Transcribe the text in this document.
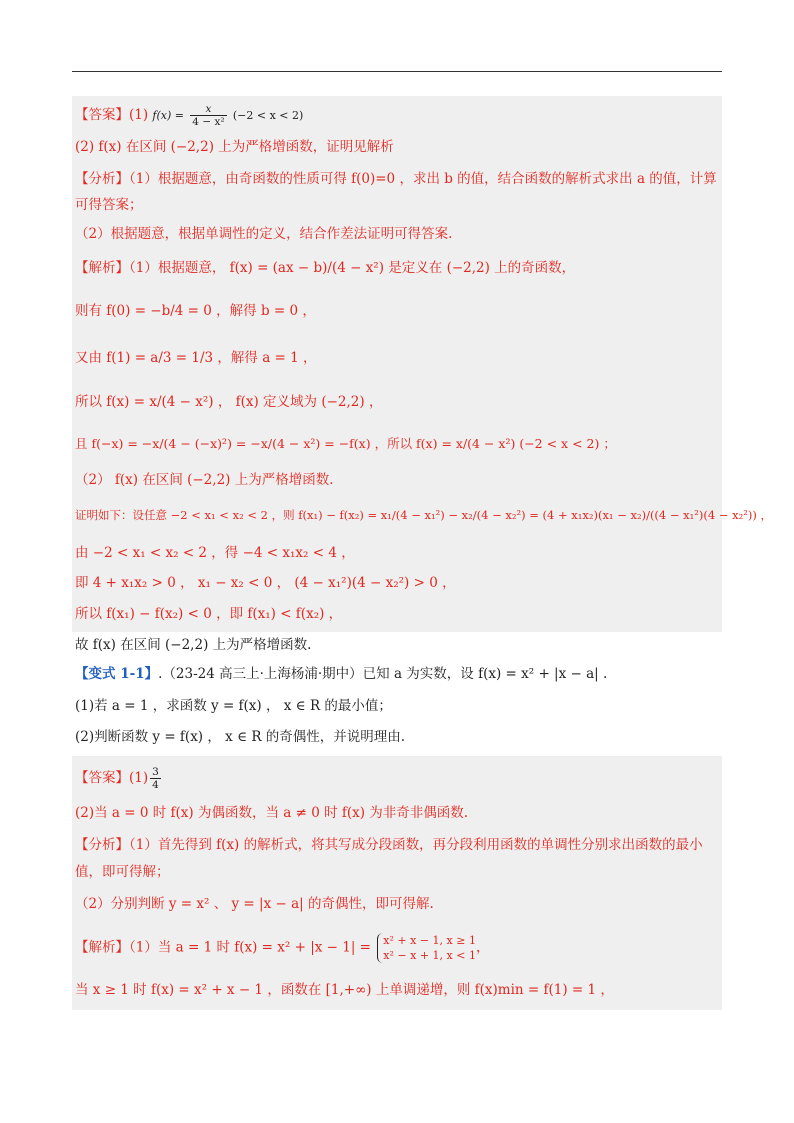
【答案】(1) $f(x) = \frac{x}{\text{4 − x²}} (-2 < x < 2)$
(2) f(x) 在区间 (−2,2) 上为严格增函数，证明见解析
【分析】（1）根据题意，由奇函数的性质可得 f(0)=0 ，求出 b 的值，结合函数的解析式求出 a 的值，计算
可得答案；
（2）根据题意，根据单调性的定义，结合作差法证明可得答案.
【解析】（1）根据题意， f(x) = (ax − b)/(4 − x²) 是定义在 (−2,2) 上的奇函数，
则有 f(0) = −b/4 = 0 ，解得 b = 0 ，
又由 f(1) = a/3 = 1/3 ，解得 a = 1 ，
所以 f(x) = x/(4 − x²) ， f(x) 定义域为 (−2,2) ，
且 f(−x) = −x/(4 − (−x)²) = −x/(4 − x²) = −f(x) ，所以 f(x) = x/(4 − x²) (−2 < x < 2) ；
（2） f(x) 在区间 (−2,2) 上为严格增函数.
证明如下：设任意 −2 < x₁ < x₂ < 2 ，则 f(x₁) − f(x₂) = x₁/(4 − x₁²) − x₂/(4 − x₂²) = (4 + x₁x₂)(x₁ − x₂)/((4 − x₁²)(4 − x₂²)) ，
由 −2 < x₁ < x₂ < 2 ，得 −4 < x₁x₂ < 4 ，
即 4 + x₁x₂ > 0 ， x₁ − x₂ < 0 ， (4 − x₁²)(4 − x₂²) > 0 ，
所以 f(x₁) − f(x₂) < 0 ，即 f(x₁) < f(x₂) ，
故 f(x) 在区间 (−2,2) 上为严格增函数.
【变式 1-1】.（23-24 高三上·上海杨浦·期中）已知 a 为实数，设 f(x) = x² + |x − a| .
(1)若 a = 1 ，求函数 y = f(x) ， x ∈ R 的最小值；
(2)判断函数 y = f(x) ， x ∈ R 的奇偶性，并说明理由.
【答案】$(1) \frac{3}{4}$
(2)当 a = 0 时 f(x) 为偶函数，当 a ≠ 0 时 f(x) 为非奇非偶函数.
【分析】（1）首先得到 f(x) 的解析式，将其写成分段函数，再分段利用函数的单调性分别求出函数的最小
值，即可得解；
（2）分别判断 y = x² 、 y = |x − a| 的奇偶性，即可得解.
【解析】（1）当 a = 1 时 f(x) = x² + |x − 1| = x² + x − 1, x ≥ 1
x² − x + 1, x < 1 ，
当 x ≥ 1 时 f(x) = x² + x − 1 ，函数在 [1,+∞) 上单调递增，则 f(x)min = f(1) = 1 ，
